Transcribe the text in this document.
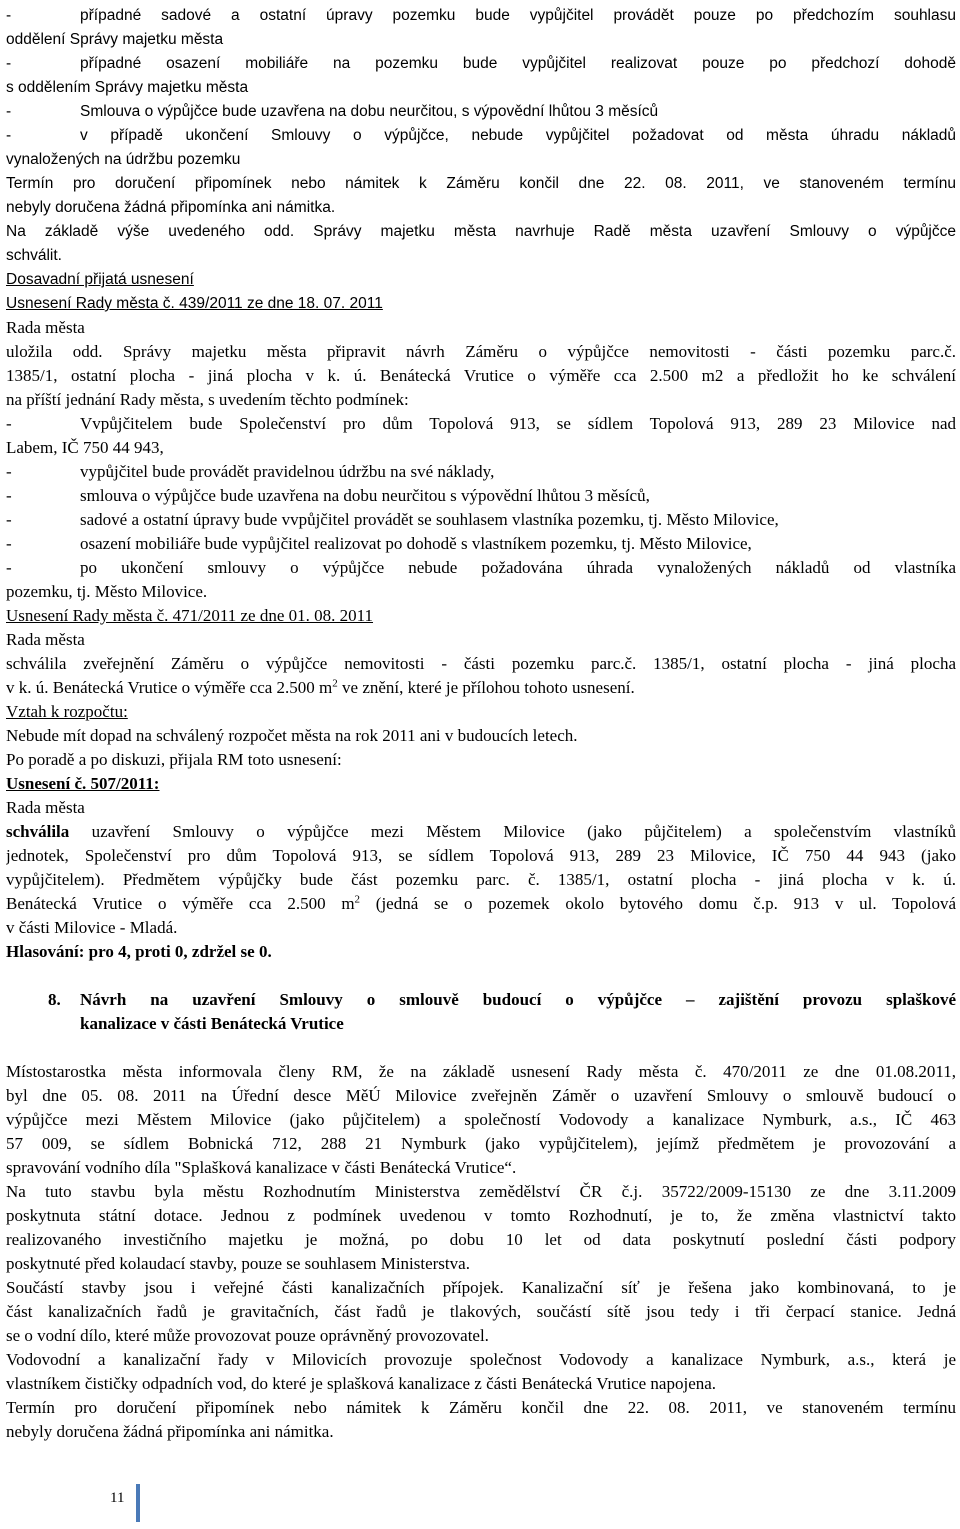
-	případné sadové a ostatní úpravy pozemku bude vypůjčitel provádět pouze po předchozím souhlasu
oddělení Správy majetku města
-	případné osazení mobiliáře na pozemku bude vypůjčitel realizovat pouze po předchozí dohodě
s oddělením Správy majetku města
-	Smlouva o výpůjčce bude uzavřena na dobu neurčitou, s výpovědní lhůtou 3 měsíců
-	v případě ukončení Smlouvy o výpůjčce, nebude vypůjčitel požadovat od města úhradu nákladů
vynaložených na údržbu pozemku
Termín pro doručení připomínek nebo námitek k Záměru končil dne 22. 08. 2011, ve stanoveném termínu
nebyly doručena žádná připomínka ani námitka.
Na základě výše uvedeného odd. Správy majetku města navrhuje Radě města uzavření Smlouvy o výpůjčce
schválit.
Dosavadní přijatá usnesení
Usnesení Rady města č. 439/2011 ze dne 18. 07. 2011
Rada města
uložila odd. Správy majetku města připravit návrh Záměru o výpůjčce nemovitosti - části pozemku parc.č.
1385/1, ostatní plocha - jiná plocha v k. ú. Benátecká Vrutice o výměře cca 2.500 m2 a předložit ho ke schválení
na příští jednání Rady města, s uvedením těchto podmínek:
-	Vvpůjčitelem bude Společenství pro dům Topolová 913, se sídlem Topolová 913, 289 23 Milovice nad
Labem, IČ 750 44 943,
-	vypůjčitel bude provádět pravidelnou údržbu na své náklady,
-	smlouva o výpůjčce bude uzavřena na dobu neurčitou s výpovědní lhůtou 3 měsíců,
-	sadové a ostatní úpravy bude vvpůjčitel provádět se souhlasem vlastníka pozemku, tj. Město Milovice,
-	osazení mobiliáře bude vypůjčitel realizovat po dohodě s vlastníkem pozemku, tj. Město Milovice,
-	po ukončení smlouvy o výpůjčce nebude požadována úhrada vynaložených nákladů od vlastníka
pozemku, tj. Město Milovice.
Usnesení Rady města č. 471/2011 ze dne 01. 08. 2011
Rada města
schválila zveřejnění Záměru o výpůjčce nemovitosti - části pozemku parc.č. 1385/1, ostatní plocha - jiná plocha
v k. ú. Benátecká Vrutice o výměře cca 2.500 $m^2$ ve znění, které je přílohou tohoto usnesení.
Vztah k rozpočtu:
Nebude mít dopad na schválený rozpočet města na rok 2011 ani v budoucích letech.
Po poradě a po diskuzi, přijala RM toto usnesení:
Usnesení č. 507/2011:
Rada města
schválila uzavření Smlouvy o výpůjčce mezi Městem Milovice (jako půjčitelem) a společenstvím vlastníků
jednotek, Společenství pro dům Topolová 913, se sídlem Topolová 913, 289 23 Milovice, IČ 750 44 943 (jako
vypůjčitelem). Předmětem výpůjčky bude část pozemku parc. č. 1385/1, ostatní plocha - jiná plocha v k. ú.
Benátecká Vrutice o výměře cca 2.500 $m^2$ (jedná se o pozemek okolo bytového domu č.p. 913 v ul. Topolová
v části Milovice - Mladá.
Hlasování: pro 4, proti 0, zdržel se 0.
8. Návrh na uzavření Smlouvy o smlouvě budoucí o výpůjčce – zajištění provozu splaškové
kanalizace v části Benátecká Vrutice
Místostarostka města informovala členy RM, že na základě usnesení Rady města č. 470/2011 ze dne 01.08.2011,
byl dne 05. 08. 2011 na Úřední desce MěÚ Milovice zveřejněn Záměr o uzavření Smlouvy o smlouvě budoucí o
výpůjčce mezi Městem Milovice (jako půjčitelem) a společností Vodovody a kanalizace Nymburk, a.s., IČ 463
57 009, se sídlem Bobnická 712, 288 21 Nymburk (jako vypůjčitelem), jejímž předmětem je provozování a
spravování vodního díla "Splašková kanalizace v části Benátecká Vrutice“.
Na tuto stavbu byla městu Rozhodnutím Ministerstva zemědělství ČR č.j. 35722/2009-15130 ze dne 3.11.2009
poskytnuta státní dotace. Jednou z podmínek uvedenou v tomto Rozhodnutí, je to, že změna vlastnictví takto
realizovaného investičního majetku je možná, po dobu 10 let od data poskytnutí poslední části podpory
poskytnuté před kolaudací stavby, pouze se souhlasem Ministerstva.
Součástí stavby jsou i veřejné části kanalizačních přípojek. Kanalizační síť je řešena jako kombinovaná, to je
část kanalizačních řadů je gravitačních, část řadů je tlakových, součástí sítě jsou tedy i tři čerpací stanice. Jedná
se o vodní dílo, které může provozovat pouze oprávněný provozovatel.
Vodovodní a kanalizační řady v Milovicích provozuje společnost Vodovody a kanalizace Nymburk, a.s., která je
vlastníkem čističky odpadních vod, do které je splašková kanalizace z části Benátecká Vrutice napojena.
Termín pro doručení připomínek nebo námitek k Záměru končil dne 22. 08. 2011, ve stanoveném termínu
nebyly doručena žádná připomínka ani námitka.
11
